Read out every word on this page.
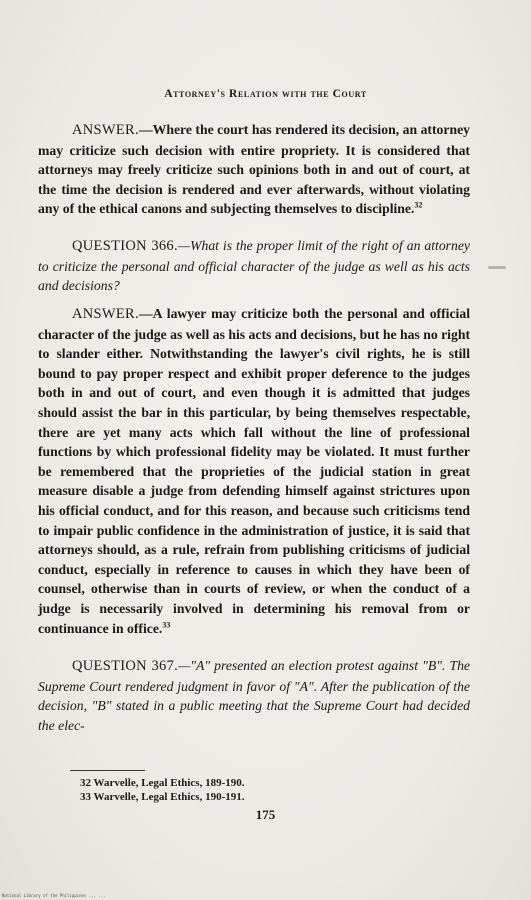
Attorney's Relation with the Court

ANSWER.—Where the court has rendered its decision, an attorney may criticize such decision with entire propriety. It is considered that attorneys may freely criticize such opinions both in and out of court, at the time the decision is rendered and ever afterwards, without violating any of the ethical canons and subjecting themselves to discipline.$^{32}$

QUESTION 366.—What is the proper limit of the right of an attorney to criticize the personal and official character of the judge as well as his acts and decisions?

ANSWER.—A lawyer may criticize both the personal and official character of the judge as well as his acts and decisions, but he has no right to slander either. Notwithstanding the lawyer's civil rights, he is still bound to pay proper respect and exhibit proper deference to the judges both in and out of court, and even though it is admitted that judges should assist the bar in this particular, by being themselves respectable, there are yet many acts which fall without the line of professional functions by which professional fidelity may be violated. It must further be remembered that the proprieties of the judicial station in great measure disable a judge from defending himself against strictures upon his official conduct, and for this reason, and because such criticisms tend to impair public confidence in the administration of justice, it is said that attorneys should, as a rule, refrain from publishing criticisms of judicial conduct, especially in reference to causes in which they have been of counsel, otherwise than in courts of review, or when the conduct of a judge is necessarily involved in determining his removal from or continuance in office.$^{33}$

QUESTION 367.—"A" presented an election protest against "B". The Supreme Court rendered judgment in favor of "A". After the publication of the decision, "B" stated in a public meeting that the Supreme Court had decided the elec-

32 Warvelle, Legal Ethics, 189-190.
33 Warvelle, Legal Ethics, 190-191.
175
National Library of the Philippines ... ...
